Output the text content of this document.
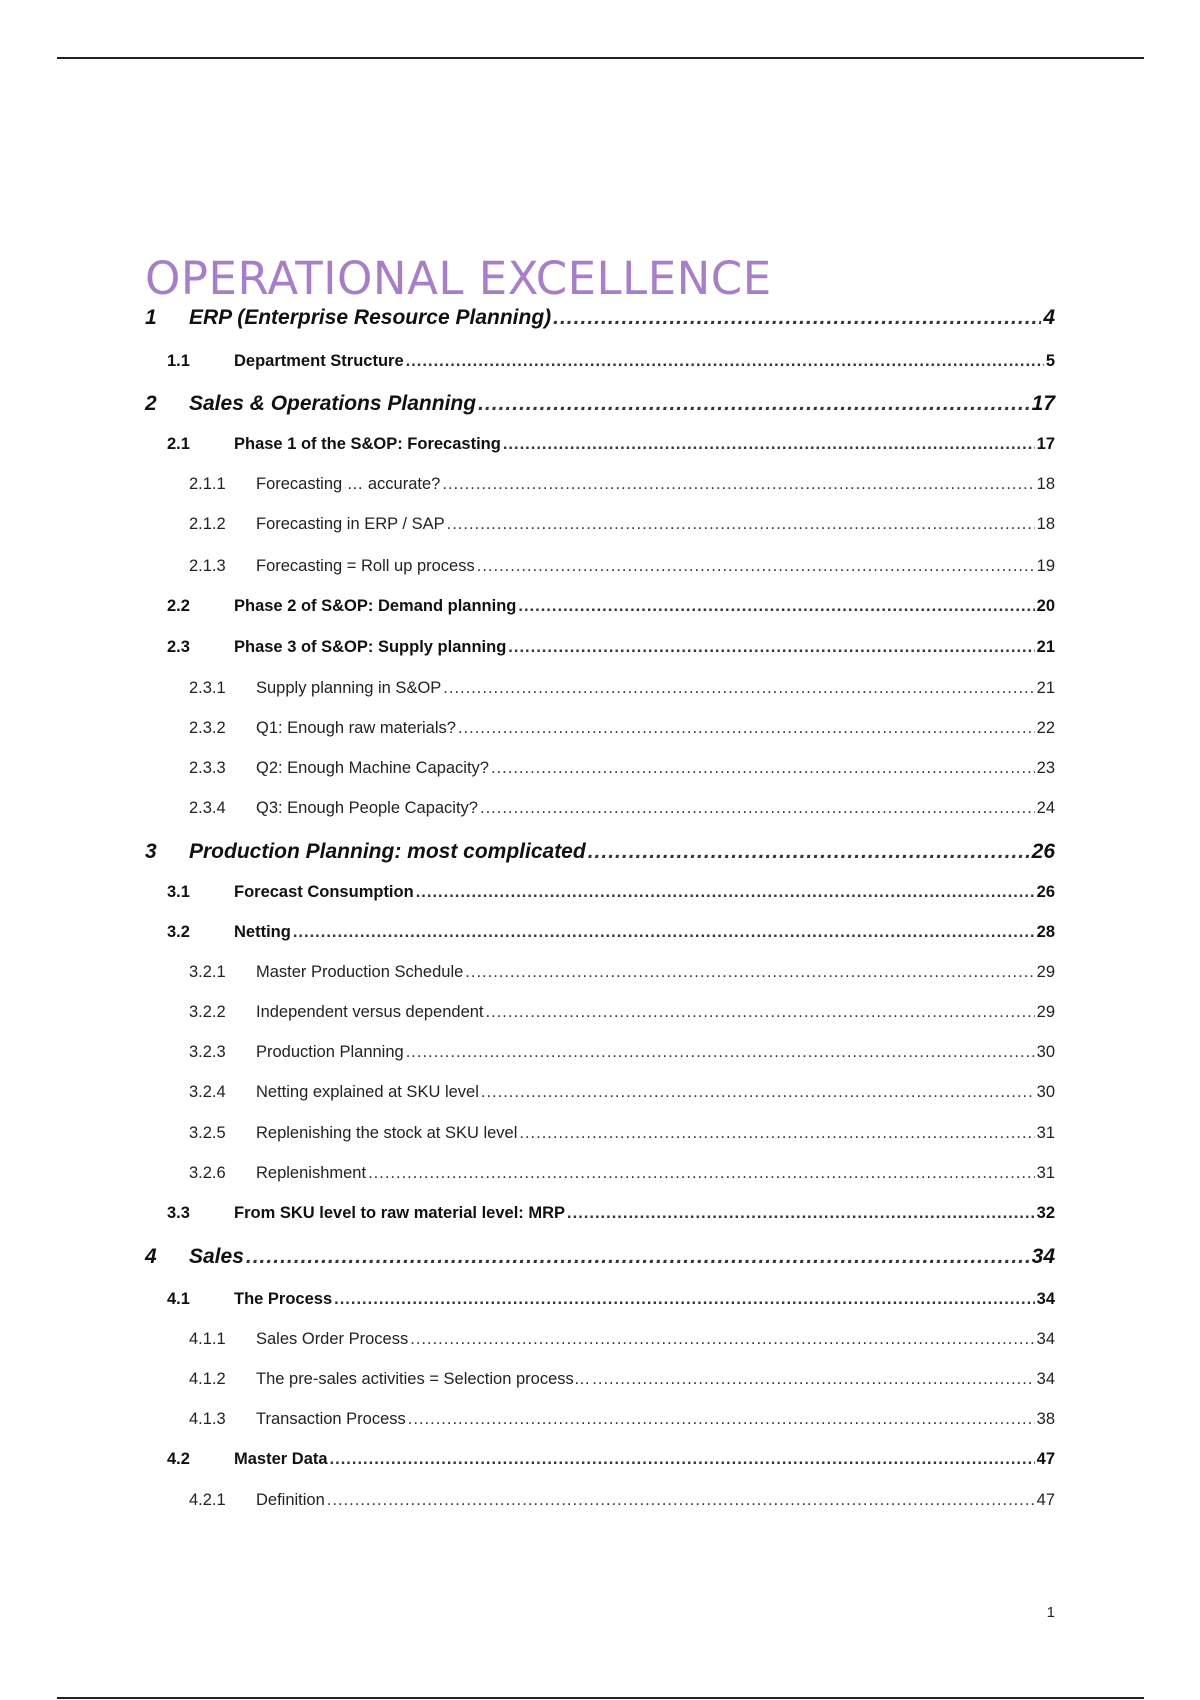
OPERATIONAL EXCELLENCE
1	ERP (Enterprise Resource Planning) .....	4
1.1	Department Structure .....	5
2	Sales & Operations Planning .....	17
2.1	Phase 1 of the S&OP: Forecasting .....	17
2.1.1	Forecasting … accurate? .....	18
2.1.2	Forecasting in ERP / SAP .....	18
2.1.3	Forecasting = Roll up process .....	19
2.2	Phase 2 of S&OP: Demand planning .....	20
2.3	Phase 3 of S&OP: Supply planning .....	21
2.3.1	Supply planning in S&OP .....	21
2.3.2	Q1: Enough raw materials? .....	22
2.3.3	Q2: Enough Machine Capacity? .....	23
2.3.4	Q3: Enough People Capacity? .....	24
3	Production Planning: most complicated .....	26
3.1	Forecast Consumption .....	26
3.2	Netting .....	28
3.2.1	Master Production Schedule .....	29
3.2.2	Independent versus dependent .....	29
3.2.3	Production Planning .....	30
3.2.4	Netting explained at SKU level .....	30
3.2.5	Replenishing the stock at SKU level .....	31
3.2.6	Replenishment .....	31
3.3	From SKU level to raw material level: MRP .....	32
4	Sales .....	34
4.1	The Process .....	34
4.1.1	Sales Order Process .....	34
4.1.2	The pre-sales activities = Selection process… .....	34
4.1.3	Transaction Process .....	38
4.2	Master Data .....	47
4.2.1	Definition .....	47
1
